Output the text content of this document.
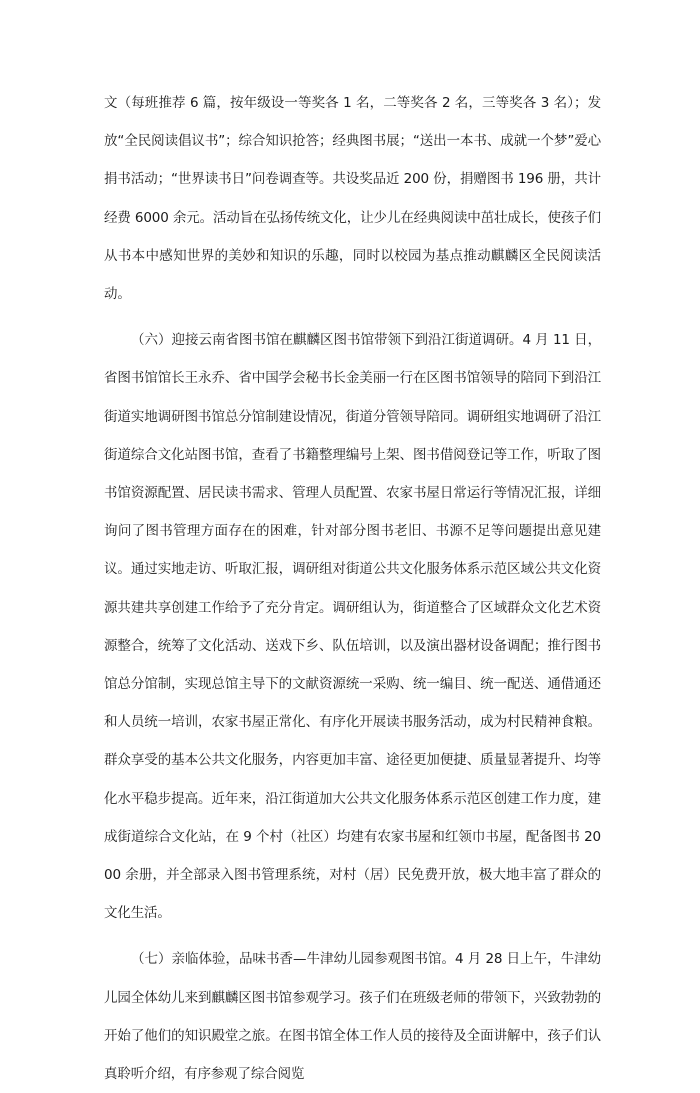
文（每班推荐 6 篇，按年级设一等奖各 1 名，二等奖各 2 名，三等奖各 3 名）；发放“全民阅读倡议书”；综合知识抢答；经典图书展；“送出一本书、成就一个梦”爱心捐书活动；“世界读书日”问卷调查等。共设奖品近 200 份，捐赠图书 196 册，共计经费 6000 余元。活动旨在弘扬传统文化，让少儿在经典阅读中茁壮成长，使孩子们从书本中感知世界的美妙和知识的乐趣，同时以校园为基点推动麒麟区全民阅读活动。

（六）迎接云南省图书馆在麒麟区图书馆带领下到沿江街道调研。4 月 11 日，省图书馆馆长王永乔、省中国学会秘书长金美丽一行在区图书馆领导的陪同下到沿江街道实地调研图书馆总分馆制建设情况，街道分管领导陪同。调研组实地调研了沿江街道综合文化站图书馆，查看了书籍整理编号上架、图书借阅登记等工作，听取了图书馆资源配置、居民读书需求、管理人员配置、农家书屋日常运行等情况汇报，详细询问了图书管理方面存在的困难，针对部分图书老旧、书源不足等问题提出意见建议。通过实地走访、听取汇报，调研组对街道公共文化服务体系示范区域公共文化资源共建共享创建工作给予了充分肯定。调研组认为，街道整合了区域群众文化艺术资源整合，统筹了文化活动、送戏下乡、队伍培训，以及演出器材设备调配；推行图书馆总分馆制，实现总馆主导下的文献资源统一采购、统一编目、统一配送、通借通还和人员统一培训，农家书屋正常化、有序化开展读书服务活动，成为村民精神食粮。群众享受的基本公共文化服务，内容更加丰富、途径更加便捷、质量显著提升、均等化水平稳步提高。近年来，沿江街道加大公共文化服务体系示范区创建工作力度，建成街道综合文化站，在 9 个村（社区）均建有农家书屋和红领巾书屋，配备图书 2000 余册，并全部录入图书管理系统，对村（居）民免费开放，极大地丰富了群众的文化生活。

（七）亲临体验，品味书香—牛津幼儿园参观图书馆。4 月 28 日上午，牛津幼儿园全体幼儿来到麒麟区图书馆参观学习。孩子们在班级老师的带领下，兴致勃勃的开始了他们的知识殿堂之旅。在图书馆全体工作人员的接待及全面讲解中，孩子们认真聆听介绍，有序参观了综合阅览
